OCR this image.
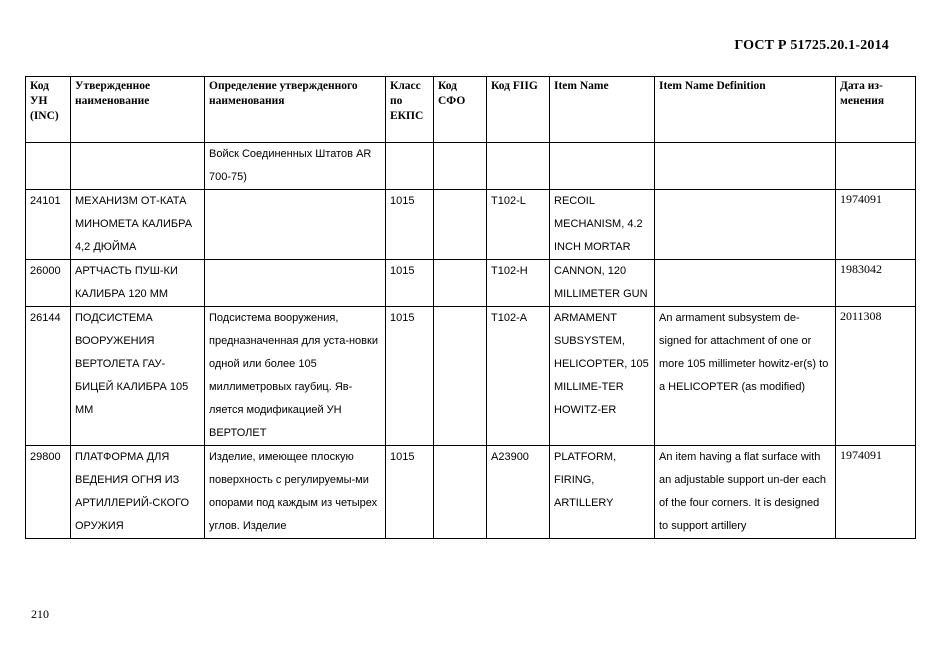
ГОСТ Р 51725.20.1-2014
Код УН (INC)	Утвержденное наименование	Определение утвержденного наименования	Класс по ЕКПС	Код СФО	Код FIIG	Item Name	Item Name Definition	Дата из-менения
		Войск Соединенных Штатов AR 700-75)						
24101	МЕХАНИЗМ ОТ-КАТА МИНОМЕТА КАЛИБРА 4,2 ДЮЙМА		1015		T102-L	RECOIL MECHANISM, 4.2 INCH MORTAR		1974091
26000	АРТЧАСТЬ ПУШ-КИ КАЛИБРА 120 ММ		1015		T102-H	CANNON, 120 MILLIMETER GUN		1983042
26144	ПОДСИСТЕМА ВООРУЖЕНИЯ ВЕРТОЛЕТА ГАУ-БИЦЕЙ КАЛИБРА 105 ММ	Подсистема вооружения, предназначенная для уста-новки одной или более 105 миллиметровых гаубиц. Яв-ляется модификацией УН ВЕРТОЛЕТ	1015		T102-A	ARMAMENT SUBSYSTEM, HELICOPTER, 105 MILLIME-TER HOWITZ-ER	An armament subsystem de-signed for attachment of one or more 105 millimeter howitz-er(s) to a HELICOPTER (as modified)	2011308
29800	ПЛАТФОРМА ДЛЯ ВЕДЕНИЯ ОГНЯ ИЗ АРТИЛЛЕРИЙ-СКОГО ОРУЖИЯ	Изделие, имеющее плоскую поверхность с регулируемы-ми опорами под каждым из четырех углов. Изделие	1015		A23900	PLATFORM, FIRING, ARTILLERY	An item having a flat surface with an adjustable support un-der each of the four corners. It is designed to support artillery	1974091
210
